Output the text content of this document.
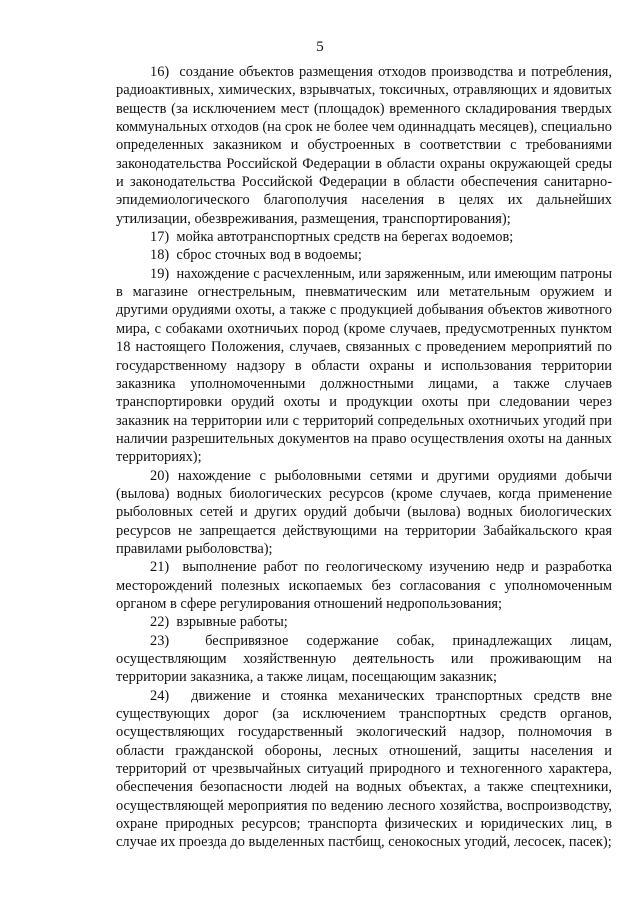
5

16)  создание объектов размещения отходов производства и потребления, радиоактивных, химических, взрывчатых, токсичных, отравляющих и ядовитых веществ (за исключением мест (площадок) временного складирования твердых коммунальных отходов (на срок не более чем одиннадцать месяцев), специально определенных заказником и обустроенных в соответствии с требованиями законодательства Российской Федерации в области охраны окружающей среды и законодательства Российской Федерации в области обеспечения санитарно-эпидемиологического благополучия населения в целях их дальнейших утилизации, обезвреживания, размещения, транспортирования);

17)  мойка автотранспортных средств на берегах водоемов;

18)  сброс сточных вод в водоемы;

19)  нахождение с расчехленным, или заряженным, или имеющим патроны в магазине огнестрельным, пневматическим или метательным оружием и другими орудиями охоты, а также с продукцией добывания объектов животного мира, с собаками охотничьих пород (кроме случаев, предусмотренных пунктом 18 настоящего Положения, случаев, связанных с проведением мероприятий по государственному надзору в области охраны и использования территории заказника уполномоченными должностными лицами, а также случаев транспортировки орудий охоты и продукции охоты при следовании через заказник на территории или с территорий сопредельных охотничьих угодий при наличии разрешительных документов на право осуществления охоты на данных территориях);

20) нахождение с рыболовными сетями и другими орудиями добычи (вылова) водных биологических ресурсов (кроме случаев, когда применение рыболовных сетей и других орудий добычи (вылова) водных биологических ресурсов не запрещается действующими на территории Забайкальского края правилами рыболовства);

21)  выполнение работ по геологическому изучению недр и разработка месторождений полезных ископаемых без согласования с уполномоченным органом в сфере регулирования отношений недропользования;

22)  взрывные работы;

23)  беспривязное содержание собак, принадлежащих лицам, осуществляющим хозяйственную деятельность или проживающим на территории заказника, а также лицам, посещающим заказник;

24)  движение и стоянка механических транспортных средств вне существующих дорог (за исключением транспортных средств органов, осуществляющих государственный экологический надзор, полномочия в области гражданской обороны, лесных отношений, защиты населения и территорий от чрезвычайных ситуаций природного и техногенного характера, обеспечения безопасности людей на водных объектах, а также спецтехники, осуществляющей мероприятия по ведению лесного хозяйства, воспроизводству, охране природных ресурсов; транспорта физических и юридических лиц, в случае их проезда до выделенных пастбищ, сенокосных угодий, лесосек, пасек);
